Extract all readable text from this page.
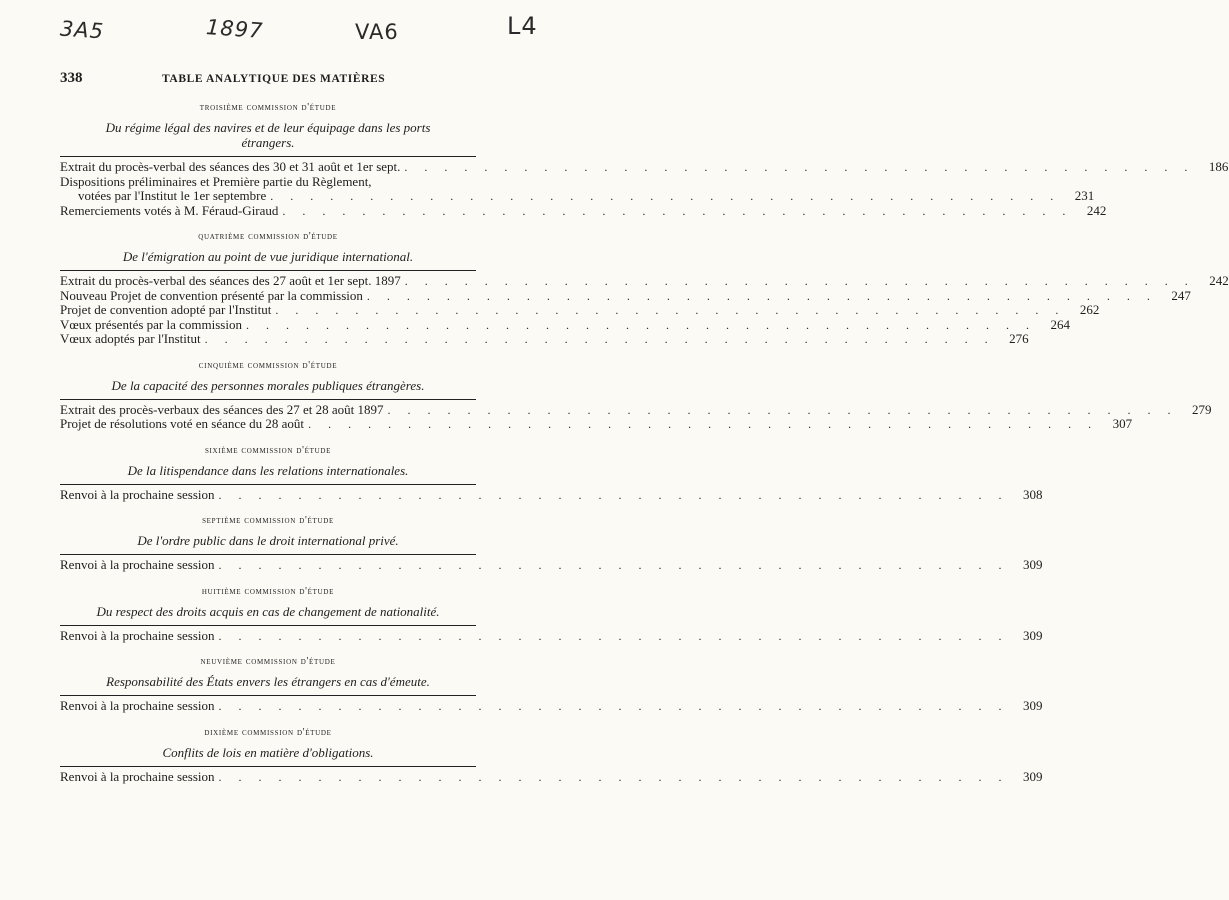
3A5	1897	VA6	L4
338	TABLE ANALYTIQUE DES MATIÈRES
troisième commission d'étude
Du régime légal des navires et de leur équipage dans les ports étrangers.
Extrait du procès-verbal des séances des 30 et 31 août et 1er sept. . . .	186
Dispositions préliminaires et Première partie du Règlement,
votées par l'Institut le 1er septembre . . .	231
Remerciements votés à M. Féraud-Giraud . . .	242
quatrième commission d'étude
De l'émigration au point de vue juridique international.
Extrait du procès-verbal des séances des 27 août et 1er sept. 1897 . . .	242
Nouveau Projet de convention présenté par la commission . . .	247
Projet de convention adopté par l'Institut . . .	262
Vœux présentés par la commission . . .	264
Vœux adoptés par l'Institut . . .	276
cinquième commission d'étude
De la capacité des personnes morales publiques étrangères.
Extrait des procès-verbaux des séances des 27 et 28 août 1897 . . .	279
Projet de résolutions voté en séance du 28 août . . .	307
sixième commission d'étude
De la litispendance dans les relations internationales.
Renvoi à la prochaine session . . .	308
septième commission d'étude
De l'ordre public dans le droit international privé.
Renvoi à la prochaine session . . .	309
huitième commission d'étude
Du respect des droits acquis en cas de changement de nationalité.
Renvoi à la prochaine session . . .	309
neuvième commission d'étude
Responsabilité des États envers les étrangers en cas d'émeute.
Renvoi à la prochaine session . . .	309
dixième commission d'étude
Conflits de lois en matière d'obligations.
Renvoi à la prochaine session . . .	309
